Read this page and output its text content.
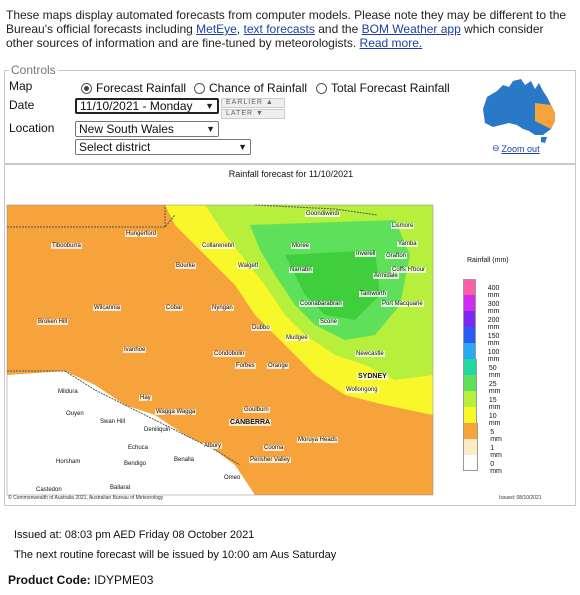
These maps display automated forecasts from computer models. Please note they may be different to the Bureau's official forecasts including MetEye, text forecasts and the BOM Weather app which consider other sources of information and are fine-tuned by meteorologists. Read more.
Controls
Map	Forecast Rainfall Chance of Rainfall Total Forecast Rainfall
Date	11/10/2021 - Monday ▼	EARLIER ▲
LATER ▼
Location New South Wales	▼
Select district	▼	⊖ Zoom out
Rainfall forecast for 11/10/2021
Goondiwindi
Lismore
Yamba
Grafton
Coffs H'bour
Inverell
Armidale
Moree
Narrabri
Tamworth
Port Macquarie
Coonabarabran
Scone
Newcastle
SYDNEY
Wollongong
Tibooburra
Hungerford
Collarenebri
Walgett
Bourke
Wilcannia	Cobar	Nyngan
Dubbo
Mudgee
Broken Hill
Ivanhoe
Condobolin
Forbes Orange
Mildura
Hay
Ouyen
Swan Hill
Wagga Wagga	Goulburn
CANBERRA
Deniliquin
Echuca	Albury	Cooma
Perisher Valley
Moruya Heads
Horsham	Bendigo
Benalla
Omeo
Castedon	Ballarat
Rainfall (mm)
400 mm
300 mm
200 mm
150 mm
100 mm
50 mm
25 mm
15 mm
10 mm
5 mm
1 mm
0 mm
© Commonwealth of Australia 2021, Australian Bureau of Meteorology	Issued: 08/10/2021
Issued at: 08:03 pm AED Friday 08 October 2021
The next routine forecast will be issued by 10:00 am Aus Saturday
Product Code: IDYPME03
